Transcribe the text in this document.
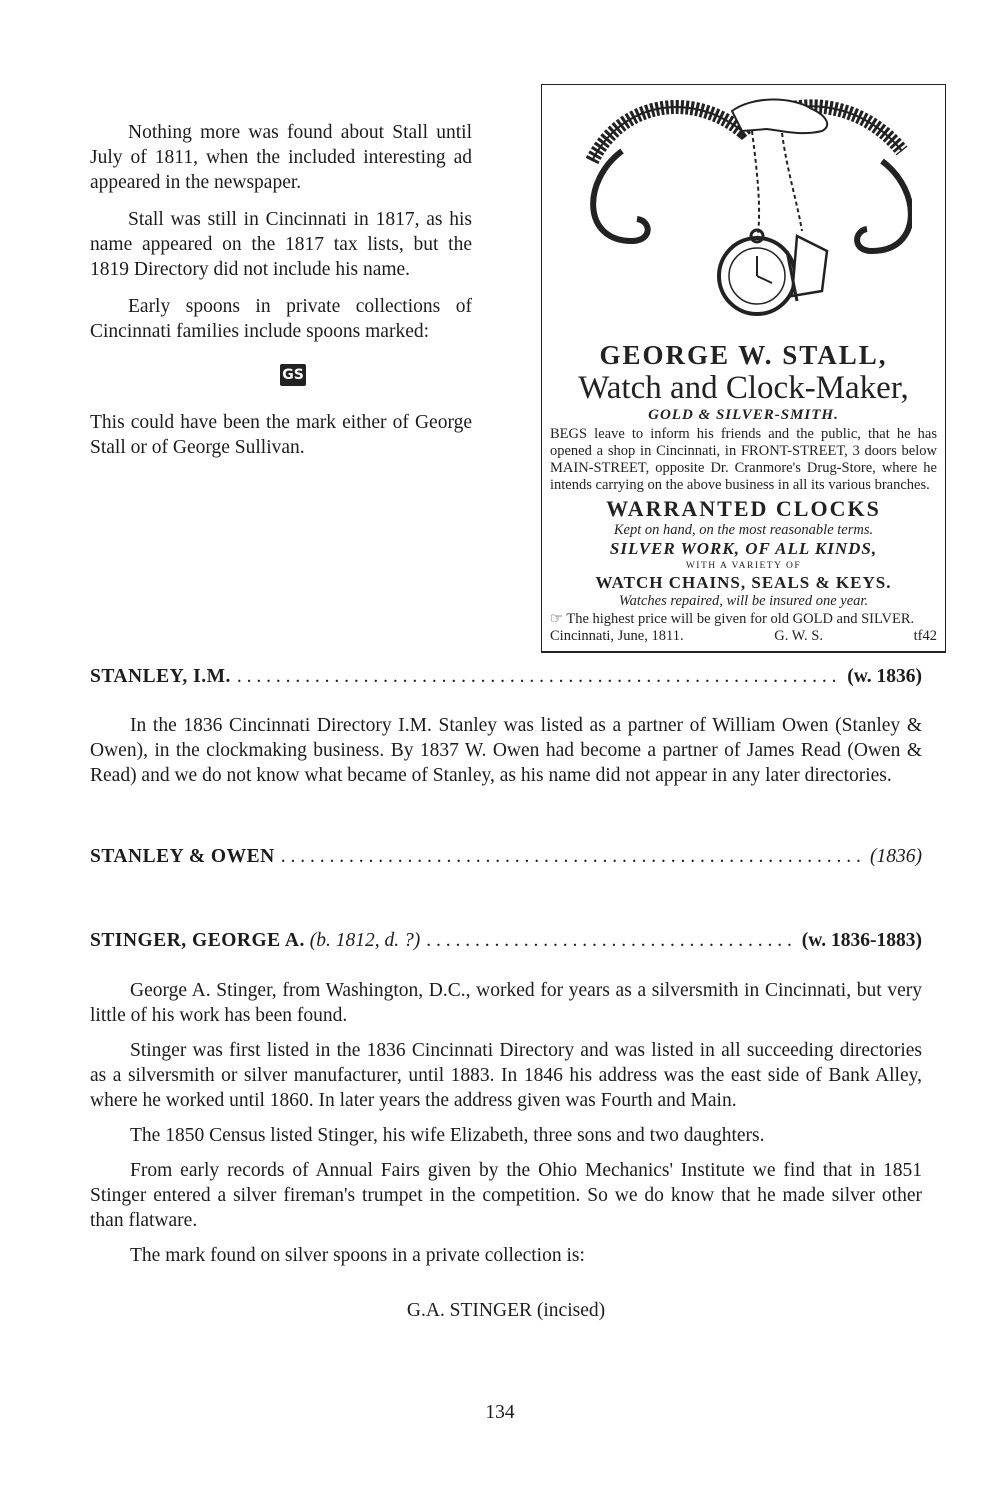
Nothing more was found about Stall until July of 1811, when the included interesting ad appeared in the newspaper.

Stall was still in Cincinnati in 1817, as his name appeared on the 1817 tax lists, but the 1819 Directory did not include his name.

Early spoons in private collections of Cincinnati families include spoons marked:

GS

This could have been the mark either of George Stall or of George Sullivan.

GEORGE W. STALL,
Watch and Clock-Maker,
GOLD & SILVER-SMITH.
BEGS leave to inform his friends and the public, that he has opened a shop in Cincinnati, in FRONT-STREET, 3 doors below MAIN-STREET, opposite Dr. Cranmore's Drug-Store, where he intends carrying on the above business in all its various branches.
WARRANTED CLOCKS
Kept on hand, on the most reasonable terms.
SILVER WORK, OF ALL KINDS,
WITH A VARIETY OF
WATCH CHAINS, SEALS & KEYS.
Watches repaired, will be insured one year.
☞ The highest price will be given for old GOLD and SILVER.
Cincinnati, June, 1811.	G. W. S.	tf42
STANLEY, I.M. . . .	(w. 1836)

In the 1836 Cincinnati Directory I.M. Stanley was listed as a partner of William Owen (Stanley & Owen), in the clockmaking business. By 1837 W. Owen had become a partner of James Read (Owen & Read) and we do not know what became of Stanley, as his name did not appear in any later directories.

STANLEY & OWEN . . .	(1836)
STINGER, GEORGE A.
(b. 1812, d. ?) . . .	(w. 1836-1883)

George A. Stinger, from Washington, D.C., worked for years as a silversmith in Cincinnati, but very little of his work has been found.

Stinger was first listed in the 1836 Cincinnati Directory and was listed in all succeeding directories as a silversmith or silver manufacturer, until 1883. In 1846 his address was the east side of Bank Alley, where he worked until 1860. In later years the address given was Fourth and Main.

The 1850 Census listed Stinger, his wife Elizabeth, three sons and two daughters.

From early records of Annual Fairs given by the Ohio Mechanics' Institute we find that in 1851 Stinger entered a silver fireman's trumpet in the competition. So we do know that he made silver other than flatware.

The mark found on silver spoons in a private collection is:

G.A. STINGER (incised)
134
